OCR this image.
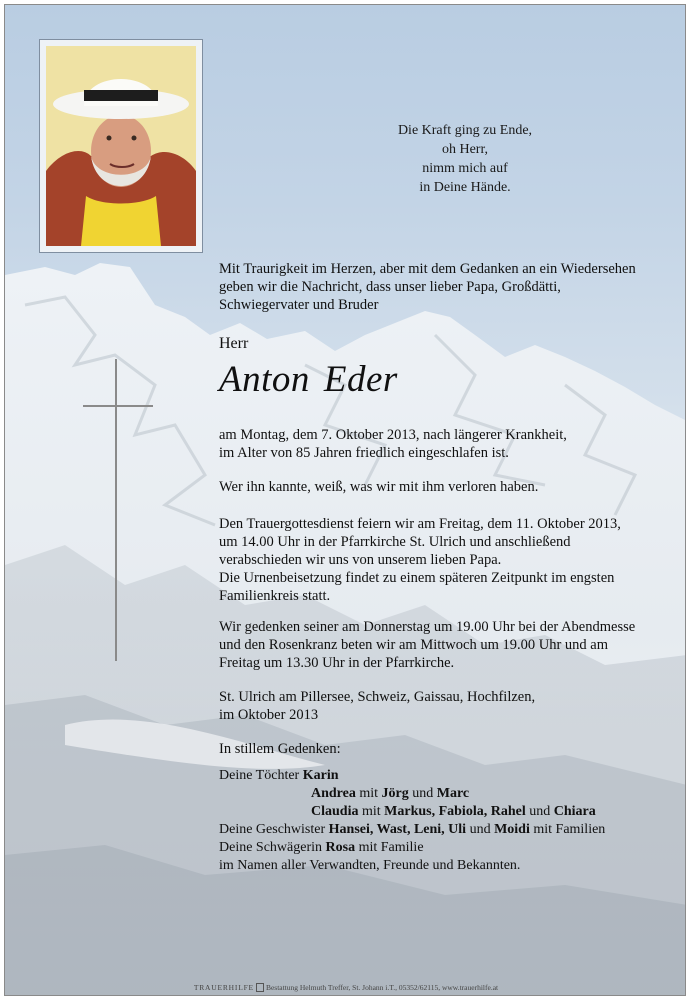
Die Kraft ging zu Ende,
oh Herr,
nimm mich auf
in Deine Hände.
Mit Traurigkeit im Herzen, aber mit dem Gedanken an ein Wiedersehen
geben wir die Nachricht, dass unser lieber Papa, Großdätti,
Schwiegervater und Bruder
Herr
Anton Eder
am Montag, dem 7. Oktober 2013, nach längerer Krankheit,
im Alter von 85 Jahren friedlich eingeschlafen ist.
Wer ihn kannte, weiß, was wir mit ihm verloren haben.
Den Trauergottesdienst feiern wir am Freitag, dem 11. Oktober 2013,
um 14.00 Uhr in der Pfarrkirche St. Ulrich und anschließend
verabschieden wir uns von unserem lieben Papa.
Die Urnenbeisetzung findet zu einem späteren Zeitpunkt im engsten
Familienkreis statt.
Wir gedenken seiner am Donnerstag um 19.00 Uhr bei der Abendmesse
und den Rosenkranz beten wir am Mittwoch um 19.00 Uhr und am
Freitag um 13.30 Uhr in der Pfarrkirche.
St. Ulrich am Pillersee, Schweiz, Gaissau, Hochfilzen,
im Oktober 2013
In stillem Gedenken:
Deine Töchter Karin
Andrea mit Jörg und Marc
Claudia mit Markus, Fabiola, Rahel und Chiara
Deine Geschwister Hansei, Wast, Leni, Uli und Moidi mit Familien
Deine Schwägerin Rosa mit Familie
im Namen aller Verwandten, Freunde und Bekannten.
TRAUERHILFE Bestattung Helmuth Treffer, St. Johann i.T., 05352/62115, www.trauerhilfe.at
